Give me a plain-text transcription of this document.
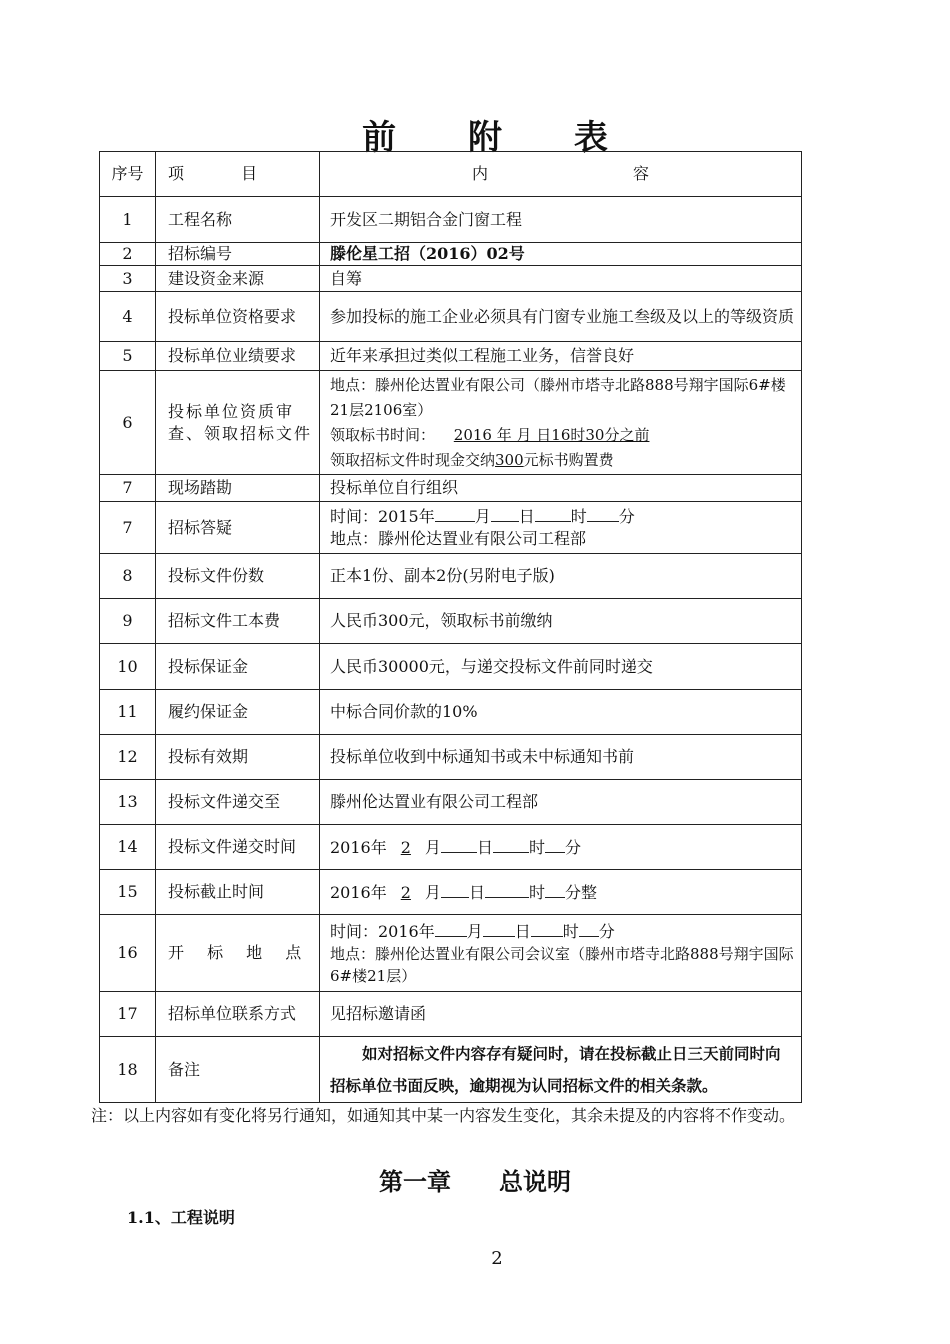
前 附 表
序号	项 目	内 容
1	工程名称	开发区二期铝合金门窗工程
2	招标编号	滕伦星工招（2016）02号
3	建设资金来源	自筹
4	投标单位资格要求	参加投标的施工企业必须具有门窗专业施工叁级及以上的等级资质
5	投标单位业绩要求	近年来承担过类似工程施工业务，信誉良好
6	投标单位资质审查、领取招标文件	地点：滕州伦达置业有限公司（滕州市塔寺北路888号翔宇国际6#楼21层2106室）
领取标书时间： 2016 年 月 日16时30分之前
领取招标文件时现金交纳300元标书购置费

7	现场踏勘	投标单位自行组织
7	招标答疑	时间：2015年 月 日 时 分
地点：滕州伦达置业有限公司工程部

8	投标文件份数	正本1份、副本2份(另附电子版)
9	招标文件工本费	人民币300元，领取标书前缴纳
10	投标保证金	人民币30000元，与递交投标文件前同时递交
11	履约保证金	中标合同价款的10%
12	投标有效期	投标单位收到中标通知书或未中标通知书前
13	投标文件递交至	滕州伦达置业有限公司工程部
14	投标文件递交时间	2016年 2 月 日 时 分
15	投标截止时间	2016年 2 月 日 时 分整
16	开 标 地 点	时间：2016年 月 日 时 分
地点：滕州伦达置业有限公司会议室（滕州市塔寺北路888号翔宇国际6#楼21层）

17	招标单位联系方式	见招标邀请函
18	备注	如对招标文件内容存有疑问时，请在投标截止日三天前同时向招标单位书面反映，逾期视为认同招标文件的相关条款。
注：以上内容如有变化将另行通知，如通知其中某一内容发生变化，其余未提及的内容将不作变动。
第一章　　总说明
1.1、工程说明
2
